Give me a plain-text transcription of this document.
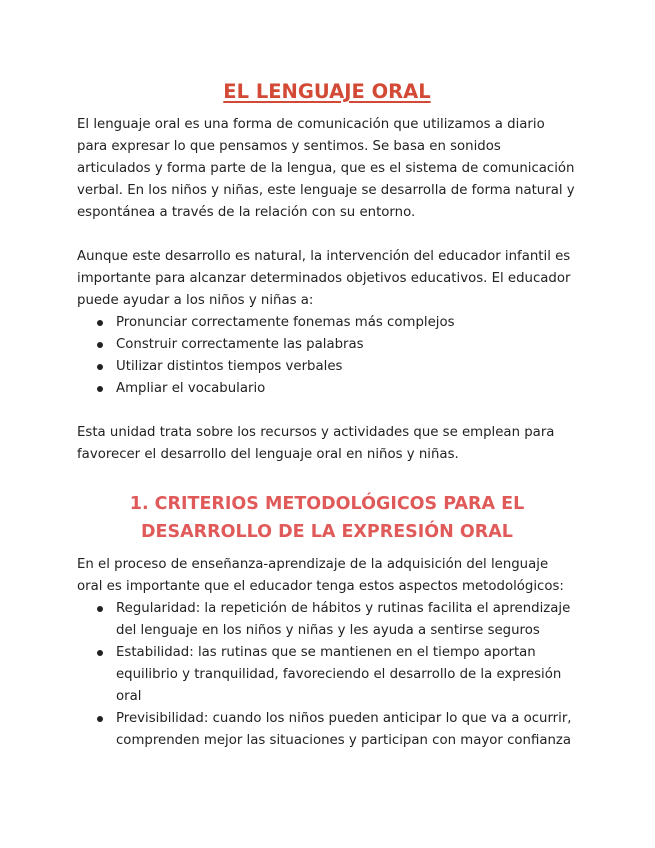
EL LENGUAJE ORAL

El lenguaje oral es una forma de comunicación que utilizamos a diario para expresar lo que pensamos y sentimos. Se basa en sonidos articulados y forma parte de la lengua, que es el sistema de comunicación verbal. En los niños y niñas, este lenguaje se desarrolla de forma natural y espontánea a través de la relación con su entorno.

Aunque este desarrollo es natural, la intervención del educador infantil es importante para alcanzar determinados objetivos educativos. El educador puede ayudar a los niños y niñas a:

Pronunciar correctamente fonemas más complejos
Construir correctamente las palabras
Utilizar distintos tiempos verbales
Ampliar el vocabulario

Esta unidad trata sobre los recursos y actividades que se emplean para favorecer el desarrollo del lenguaje oral en niños y niñas.

1. CRITERIOS METODOLÓGICOS PARA EL DESARROLLO DE LA EXPRESIÓN ORAL

En el proceso de enseñanza-aprendizaje de la adquisición del lenguaje oral es importante que el educador tenga estos aspectos metodológicos:

Regularidad: la repetición de hábitos y rutinas facilita el aprendizaje del lenguaje en los niños y niñas y les ayuda a sentirse seguros
Estabilidad: las rutinas que se mantienen en el tiempo aportan equilibrio y tranquilidad, favoreciendo el desarrollo de la expresión oral
Previsibilidad: cuando los niños pueden anticipar lo que va a ocurrir, comprenden mejor las situaciones y participan con mayor confianza
